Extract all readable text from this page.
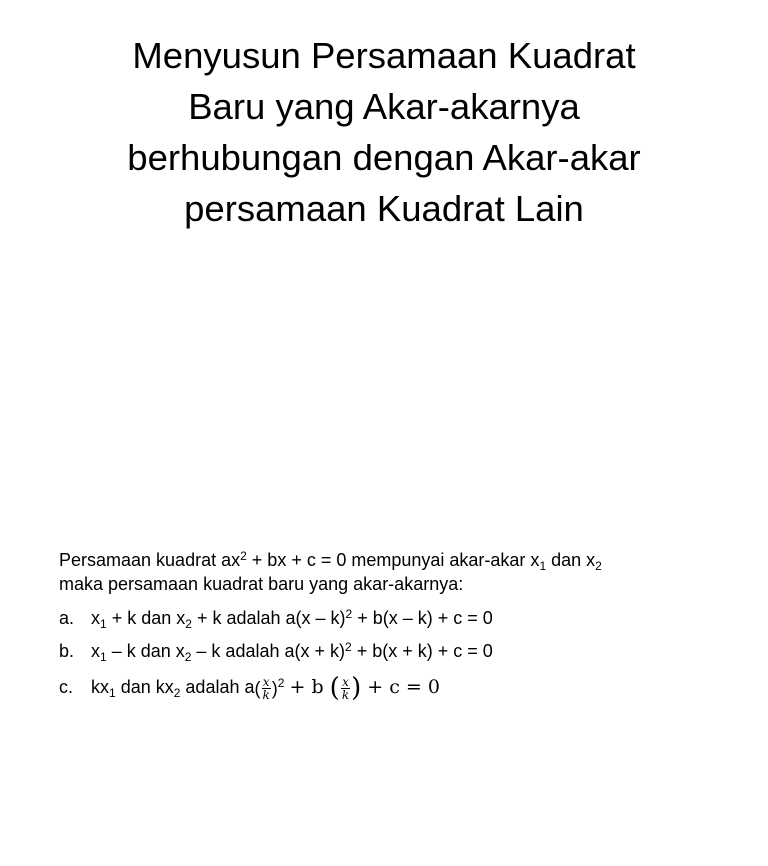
Menyusun Persamaan Kuadrat
Baru yang Akar-akarnya
berhubungan dengan Akar-akar
persamaan Kuadrat Lain
Persamaan kuadrat $ax^2$ + bx + c = 0 mempunyai akar-akar $x_1$ dan $x_2$
maka persamaan kuadrat baru yang akar-akarnya:
a. $x_1 + k$ dan $x_2 + k$ adalah a(x – k)$^2$ + b(x – k) + c = 0
b. $x_1$ – k dan $x_2$ – k adalah $a(x + k)^2 + b(x + k) + c = 0$
c. $kx_1$ dan $kx_2$ adalah $a( \frac{x}{k} )^2 + b$ ( $\frac{x}{k}$ ) + c = 0
